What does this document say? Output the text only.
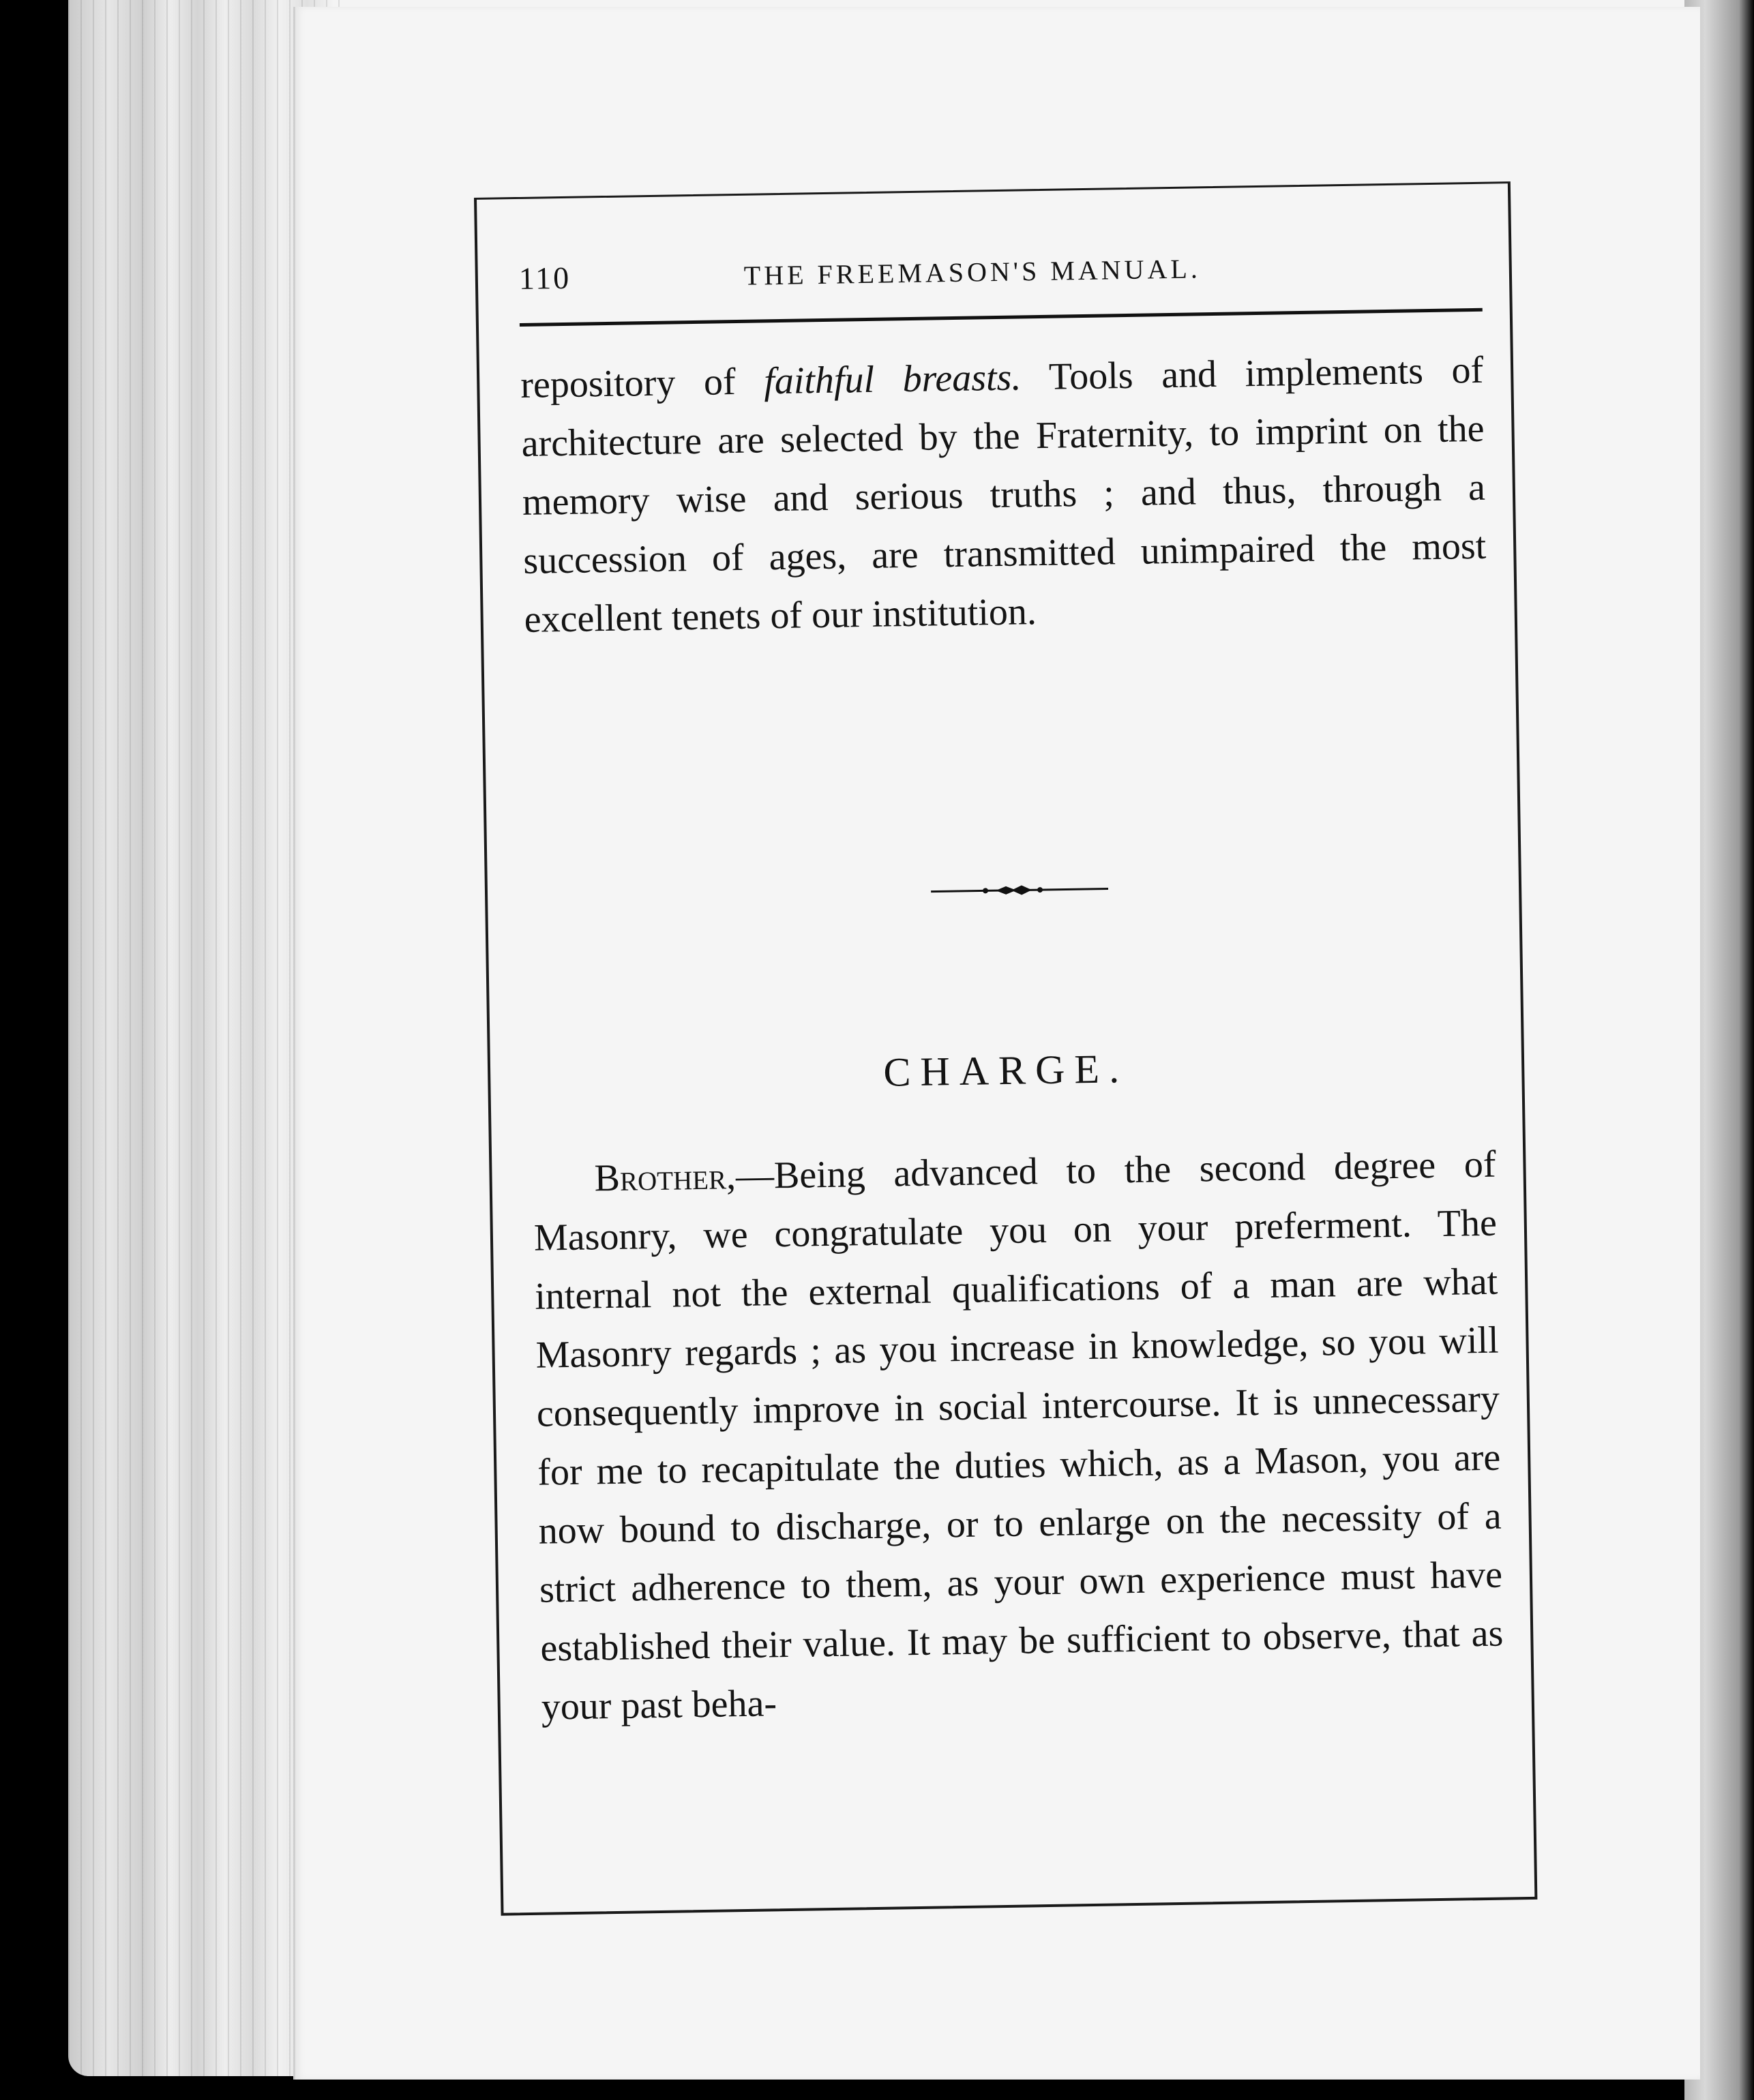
110	THE FREEMASON'S MANUAL.

repository of faithful breasts. Tools and implements of architecture are selected by the Fraternity, to imprint on the memory wise and serious truths ; and thus, through a succession of ages, are transmitted unimpaired the most excellent tenets of our institution.

CHARGE.

Brother,—Being advanced to the second degree of Masonry, we congratulate you on your preferment. The internal not the external qualifications of a man are what Masonry regards ; as you increase in knowledge, so you will consequently improve in social intercourse. It is unnecessary for me to recapitulate the duties which, as a Mason, you are now bound to discharge, or to enlarge on the necessity of a strict adherence to them, as your own experience must have established their value. It may be sufficient to observe, that as your past beha-
